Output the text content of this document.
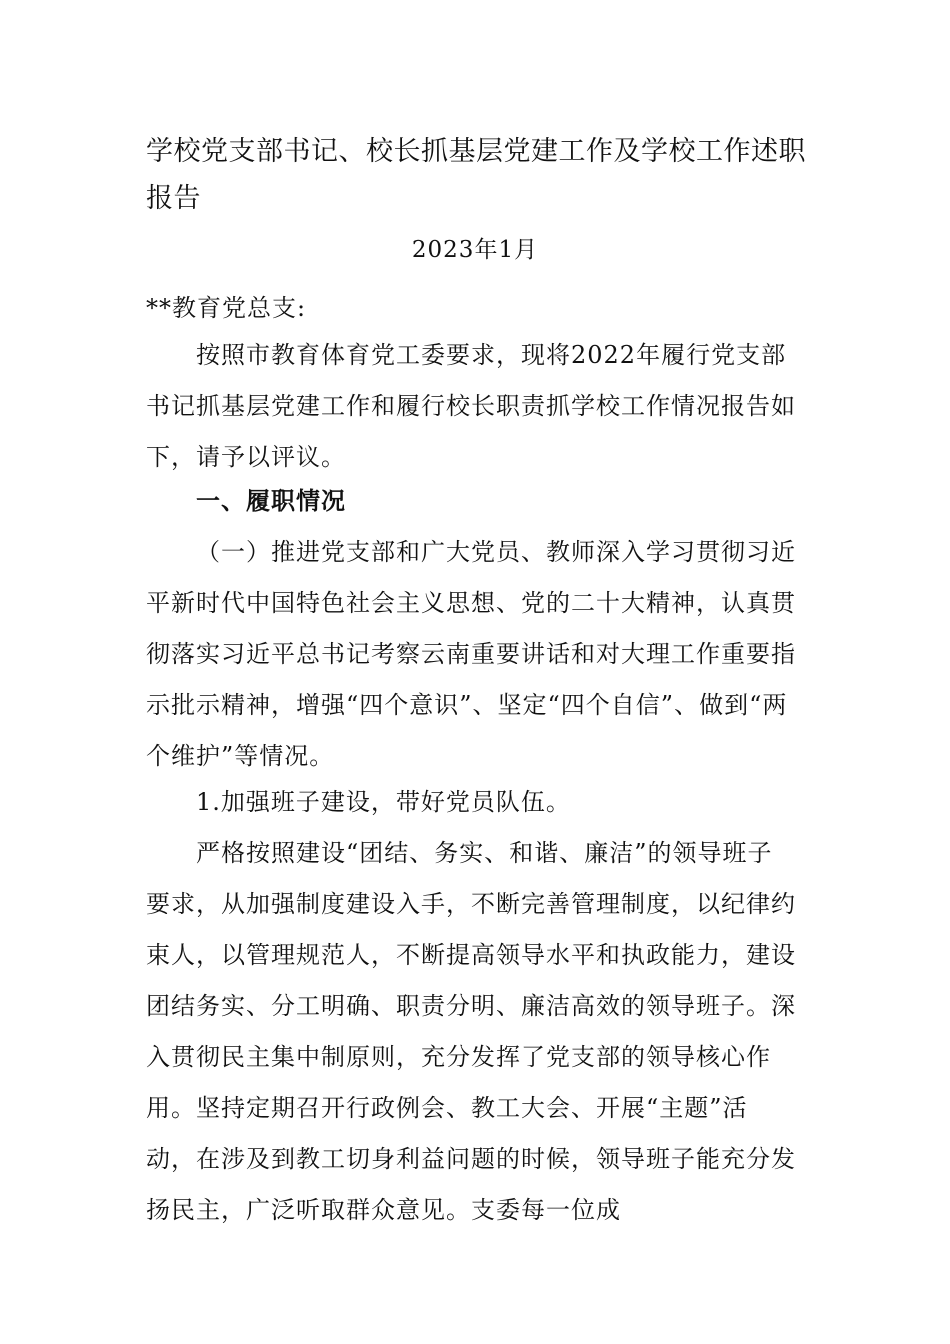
学校党支部书记、校长抓基层党建工作及学校工作述职报告
2023年1月

**教育党总支:

按照市教育体育党工委要求，现将2022年履行党支部书记抓基层党建工作和履行校长职责抓学校工作情况报告如下，请予以评议。

一、履职情况

（一）推进党支部和广大党员、教师深入学习贯彻习近平新时代中国特色社会主义思想、党的二十大精神，认真贯彻落实习近平总书记考察云南重要讲话和对大理工作重要指示批示精神，增强“四个意识”、坚定“四个自信”、做到“两个维护”等情况。

1.加强班子建设，带好党员队伍。

严格按照建设“团结、务实、和谐、廉洁”的领导班子要求，从加强制度建设入手，不断完善管理制度，以纪律约束人，以管理规范人，不断提高领导水平和执政能力，建设团结务实、分工明确、职责分明、廉洁高效的领导班子。深入贯彻民主集中制原则，充分发挥了党支部的领导核心作用。坚持定期召开行政例会、教工大会、开展“主题”活动，在涉及到教工切身利益问题的时候，领导班子能充分发扬民主，广泛听取群众意见。支委每一位成
